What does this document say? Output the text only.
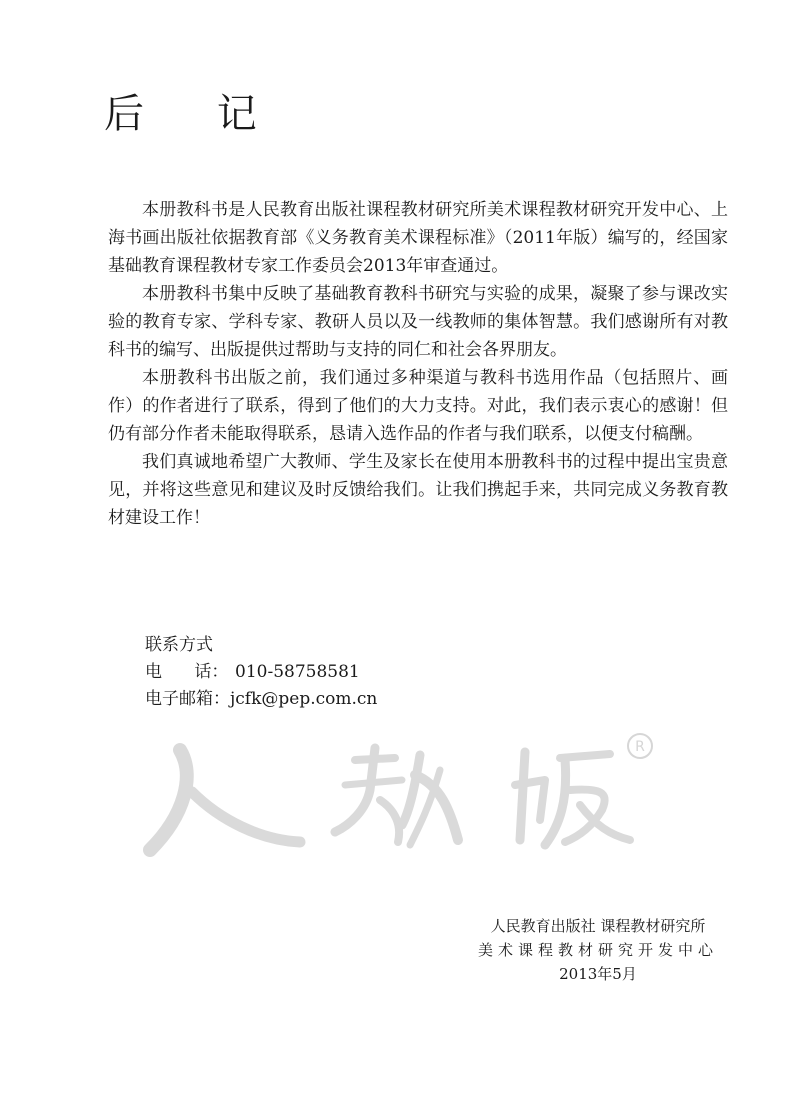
后 记

本册教科书是人民教育出版社课程教材研究所美术课程教材研究开发中心、上海书画出版社依据教育部《义务教育美术课程标准》（2011年版）编写的，经国家基础教育课程教材专家工作委员会2013年审查通过。

本册教科书集中反映了基础教育教科书研究与实验的成果，凝聚了参与课改实验的教育专家、学科专家、教研人员以及一线教师的集体智慧。我们感谢所有对教科书的编写、出版提供过帮助与支持的同仁和社会各界朋友。

本册教科书出版之前，我们通过多种渠道与教科书选用作品（包括照片、画作）的作者进行了联系，得到了他们的大力支持。对此，我们表示衷心的感谢！但仍有部分作者未能取得联系，恳请入选作品的作者与我们联系，以便支付稿酬。

我们真诚地希望广大教师、学生及家长在使用本册教科书的过程中提出宝贵意见，并将这些意见和建议及时反馈给我们。让我们携起手来，共同完成义务教育教材建设工作！

联系方式
电      话： 010-58758581
电子邮箱：jcfk@pep.com.cn
R
人民教育出版社 课程教材研究所
美术课程教材研究开发中心
2013年5月
